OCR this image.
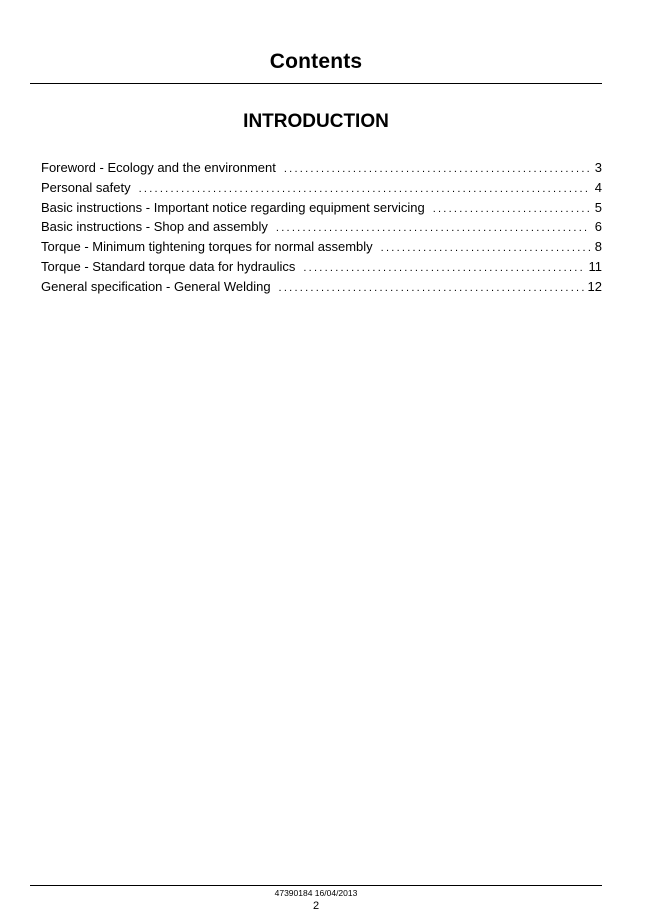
Contents
INTRODUCTION
Foreword - Ecology and the environment . . .	3
Personal safety . . .	4
Basic instructions - Important notice regarding equipment servicing . . .	5
Basic instructions - Shop and assembly . . .	6
Torque - Minimum tightening torques for normal assembly . . .	8
Torque - Standard torque data for hydraulics . . .	11
General specification - General Welding . . .	12
47390184 16/04/2013
2
